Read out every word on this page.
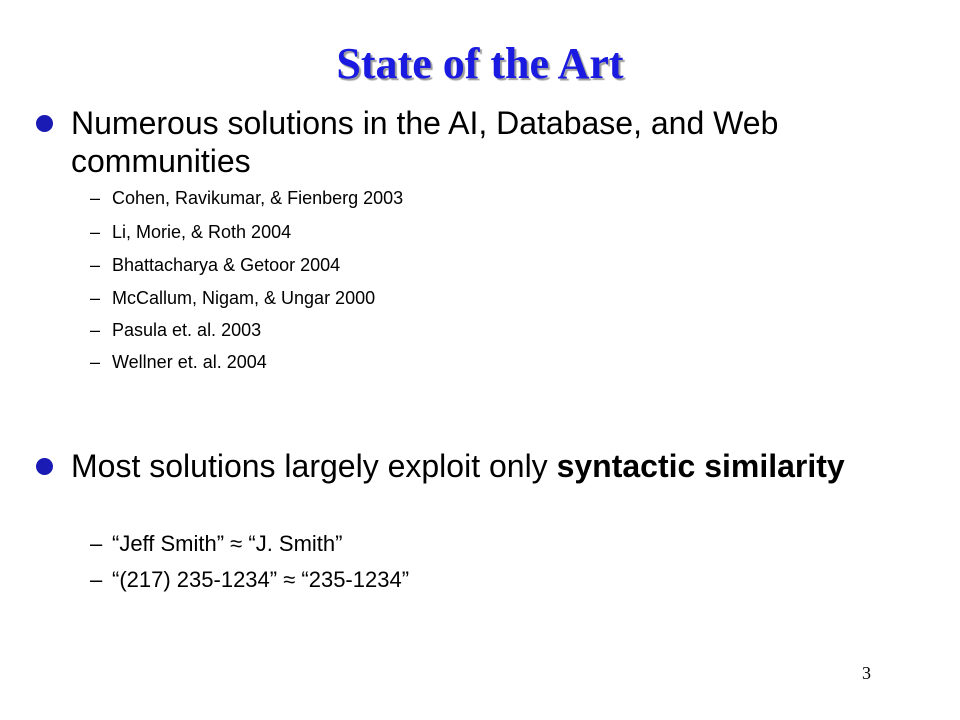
State of the Art
Numerous solutions in the AI, Database, and Web communities
– Cohen, Ravikumar, & Fienberg 2003
– Li, Morie, & Roth 2004
– Bhattacharya & Getoor 2004
– McCallum, Nigam, & Ungar 2000
– Pasula et. al. 2003
– Wellner et. al. 2004
Most solutions largely exploit only syntactic similarity
– “Jeff Smith” ≈ “J. Smith”
– “(217) 235-1234” ≈ “235-1234”
3
